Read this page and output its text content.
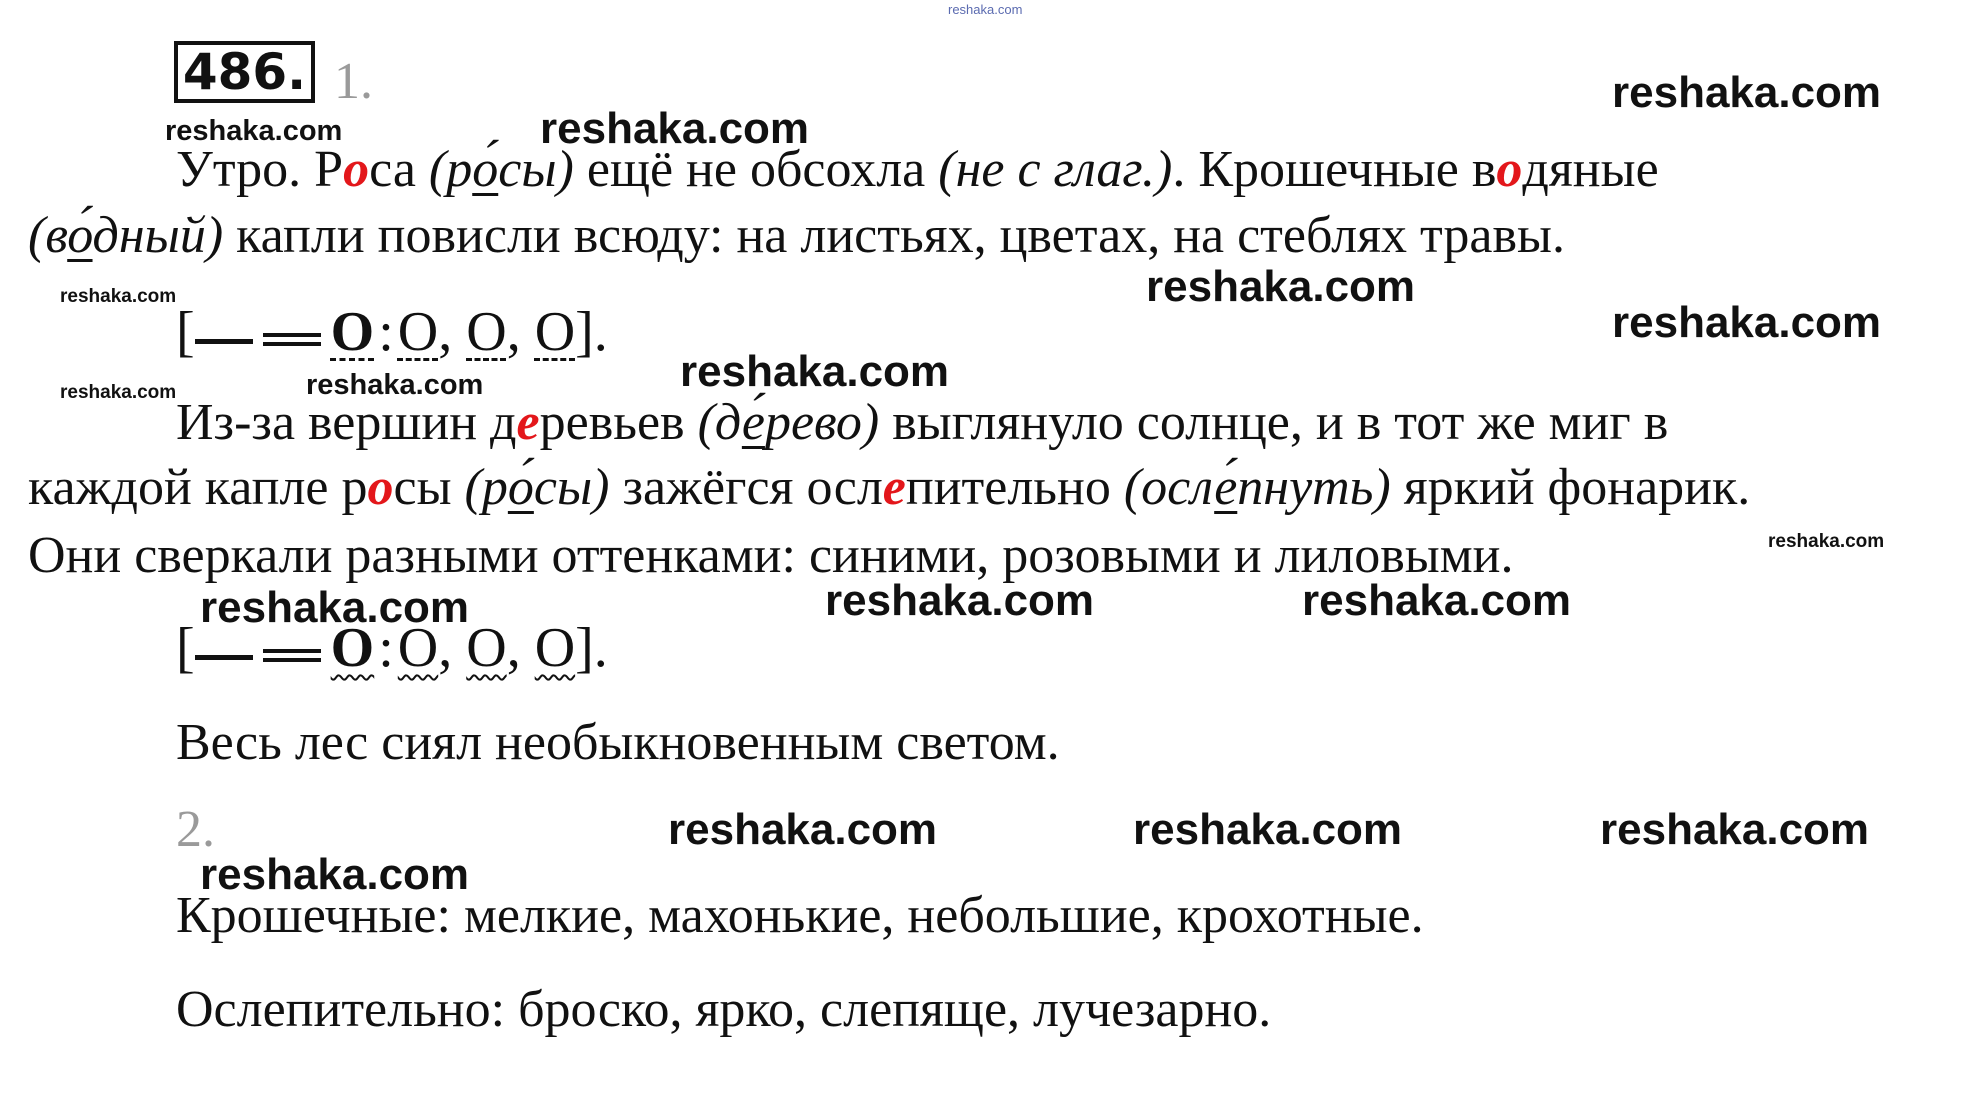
reshaka.com
486. 1.
Утро. Роса (ро́сы) ещё не обсохла (не с глаг.). Крошечные водяные
(во́дный) капли повисли всюду: на листьях, цветах, на стеблях травы.
[ O:O, O, O].
Из-за вершин деревьев (де́рево) выглянуло солнце, и в тот же миг в
каждой капле росы (ро́сы) зажёгся ослепительно (осле́пнуть) яркий фонарик.
Они сверкали разными оттенками: синими, розовыми и лиловыми.
[ O:O, O, O].
Весь лес сиял необыкновенным светом.
2.
Крошечные: мелкие, махонькие, небольшие, крохотные.
Ослепительно: броско, ярко, слепяще, лучезарно.
reshaka.com
reshaka.com	reshaka.com
reshaka.com
reshaka.com
reshaka.com
reshaka.com
reshaka.com	reshaka.com
reshaka.com
reshaka.com	reshaka.com	reshaka.com
reshaka.com	reshaka.com	reshaka.com
reshaka.com
